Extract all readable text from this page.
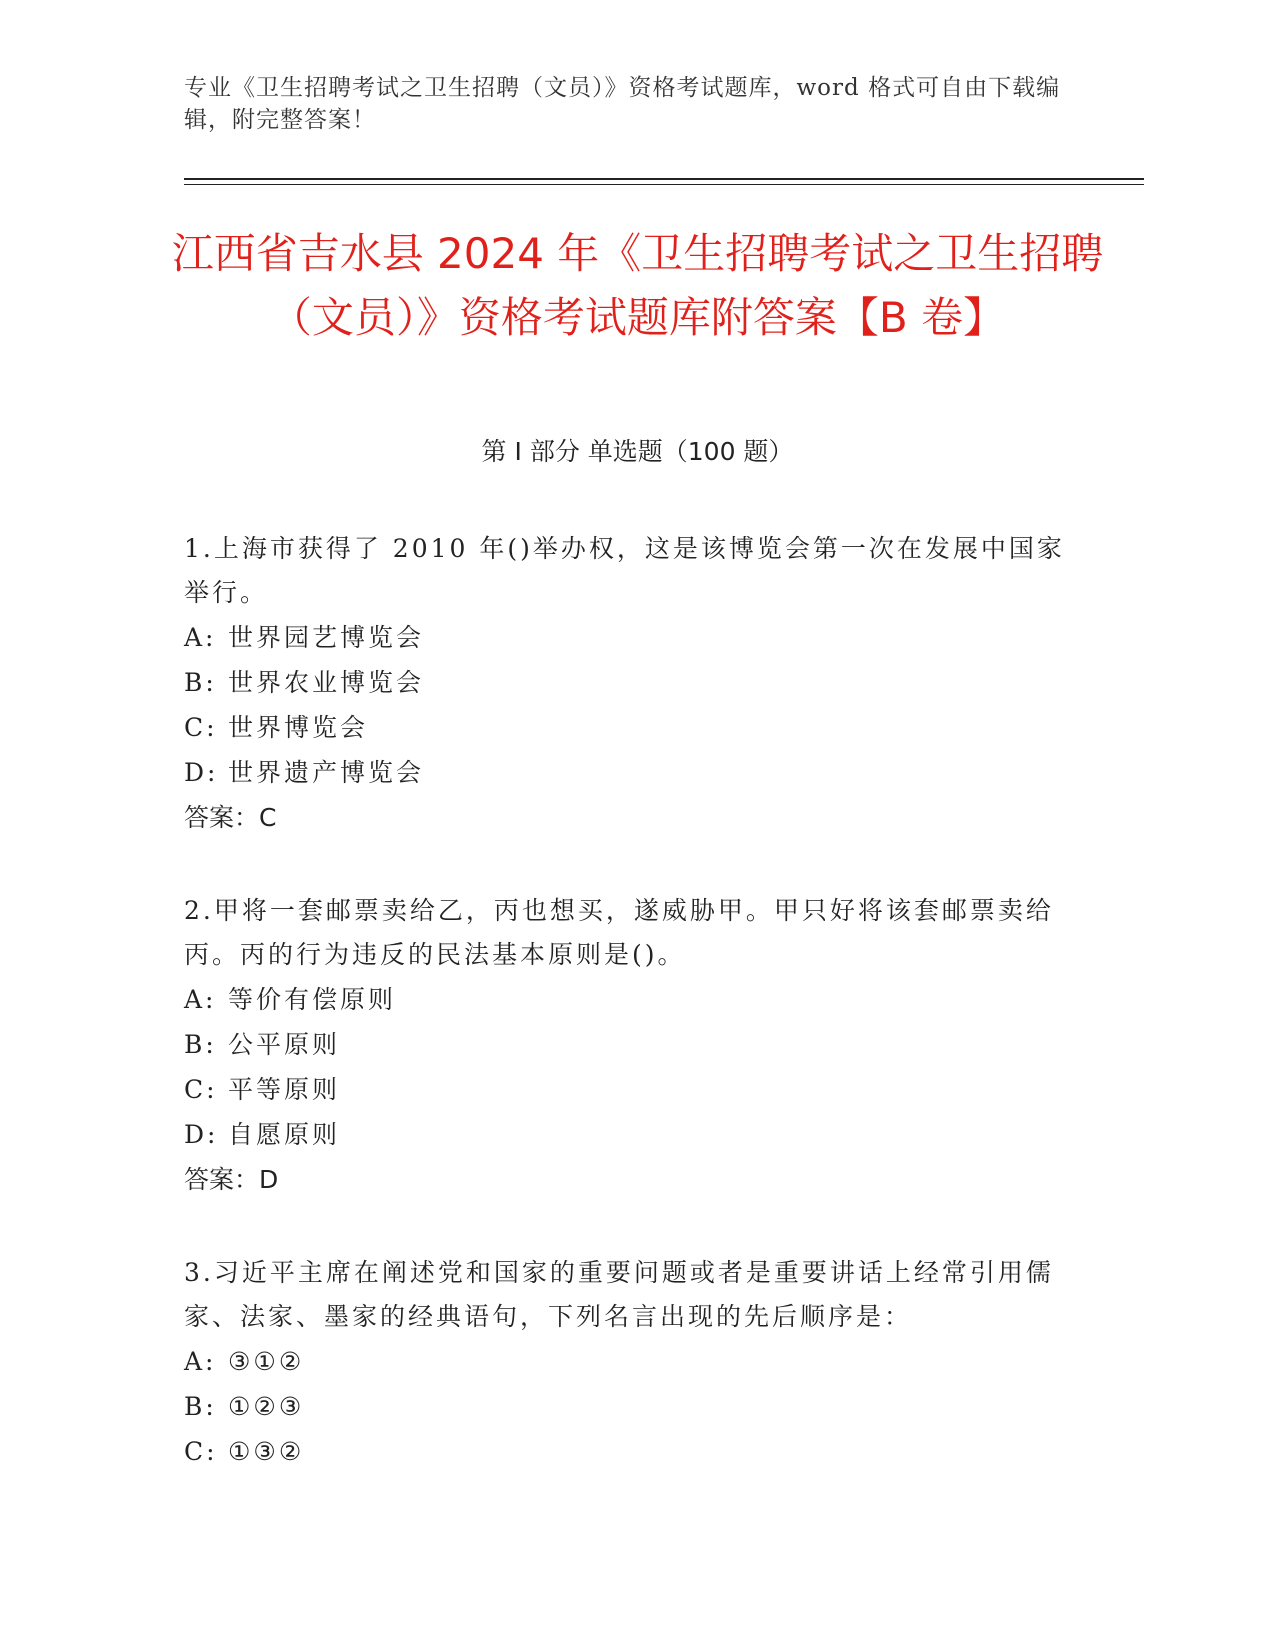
专业《卫生招聘考试之卫生招聘（文员）》资格考试题库，word 格式可自由下载编辑，附完整答案！
江西省吉水县 2024 年《卫生招聘考试之卫生招聘（文员）》资格考试题库附答案【B 卷】
第 I 部分 单选题（100 题）

1.上海市获得了 2010 年()举办权，这是该博览会第一次在发展中国家举行。

A: 世界园艺博览会

B: 世界农业博览会

C: 世界博览会

D: 世界遗产博览会

答案：C

2.甲将一套邮票卖给乙，丙也想买，遂威胁甲。甲只好将该套邮票卖给丙。丙的行为违反的民法基本原则是()。

A: 等价有偿原则

B: 公平原则

C: 平等原则

D: 自愿原则

答案：D

3.习近平主席在阐述党和国家的重要问题或者是重要讲话上经常引用儒家、法家、墨家的经典语句，下列名言出现的先后顺序是：

A: ③①②

B: ①②③

C: ①③②
